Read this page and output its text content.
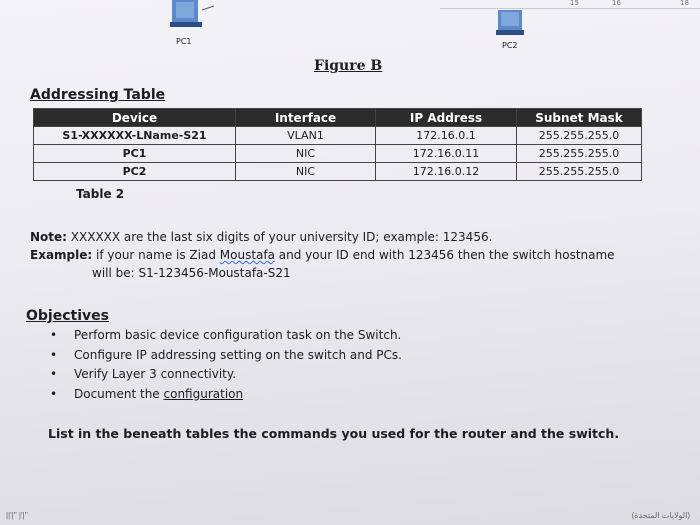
15	16	18
PC1	PC2
Figure B
Addressing Table
Device	Interface	IP Address	Subnet Mask
S1-XXXXXX-LName-S21	VLAN1	172.16.0.1	255.255.255.0
PC1	NIC	172.16.0.11	255.255.255.0
PC2	NIC	172.16.0.12	255.255.255.0
Table 2
Note: XXXXXX are the last six digits of your university ID; example: 123456.
Example: if your name is Ziad Moustafa and your ID end with 123456 then the switch hostname
will be: S1-123456-Moustafa-S21
Objectives
• Perform basic device configuration task on the Switch.
• Configure IP addressing setting on the switch and PCs.
• Verify Layer 3 connectivity.
• Document the configuration
List in the beneath tables the commands you used for the router and the switch.
||'|'' |'|''	(الولايات المتحدة)
